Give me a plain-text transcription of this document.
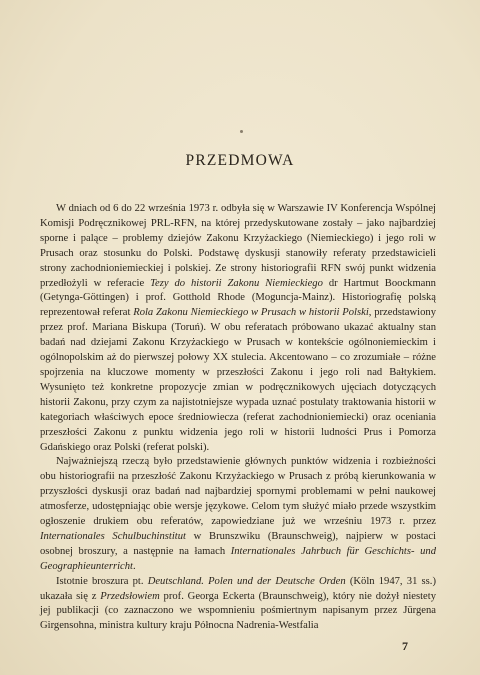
PRZEDMOWA

W dniach od 6 do 22 września 1973 r. odbyła się w Warszawie IV Konferencja Wspólnej Komisji Podręcznikowej PRL-RFN, na której przedyskutowane zostały – jako najbardziej sporne i palące – problemy dziejów Zakonu Krzyżackiego (Niemieckiego) i jego roli w Prusach oraz stosunku do Polski. Podstawę dyskusji stanowiły referaty przedstawicieli strony zachodnioniemieckiej i polskiej. Ze strony historiografii RFN swój punkt widzenia przedłożyli w referacie Tezy do historii Zakonu Niemieckiego dr Hartmut Boockmann (Getynga-Göttingen) i prof. Gotthold Rhode (Moguncja-Mainz). Historiografię polską reprezentował referat Rola Zakonu Niemieckiego w Prusach w historii Polski, przedstawiony przez prof. Mariana Biskupa (Toruń). W obu referatach próbowano ukazać aktualny stan badań nad dziejami Zakonu Krzyżackiego w Prusach w kontekście ogólnoniemieckim i ogólnopolskim aż do pierwszej połowy XX stulecia. Akcentowano – co zrozumiałe – różne spojrzenia na kluczowe momenty w przeszłości Zakonu i jego roli nad Bałtykiem. Wysunięto też konkretne propozycje zmian w podręcznikowych ujęciach dotyczących historii Zakonu, przy czym za najistotniejsze wypada uznać postulaty traktowania historii w kategoriach właściwych epoce średniowiecza (referat zachodnioniemiecki) oraz oceniania przeszłości Zakonu z punktu widzenia jego roli w historii ludności Prus i Pomorza Gdańskiego oraz Polski (referat polski).

Najważniejszą rzeczą było przedstawienie głównych punktów widzenia i rozbieżności obu historiografii na przeszłość Zakonu Krzyżackiego w Prusach z próbą kierunkowania w przyszłości dyskusji oraz badań nad najbardziej spornymi problemami w pełni naukowej atmosferze, udostępniając obie wersje językowe. Celom tym służyć miało przede wszystkim ogłoszenie drukiem obu referatów, zapowiedziane już we wrześniu 1973 r. przez Internationales Schulbuchinstitut w Brunszwiku (Braunschweig), najpierw w postaci osobnej broszury, a następnie na łamach Internationales Jahrbuch für Geschichts- und Geographieunterricht.

Istotnie broszura pt. Deutschland. Polen und der Deutsche Orden (Köln 1947, 31 ss.) ukazała się z Przedsłowiem prof. Georga Eckerta (Braunschweig), który nie dożył niestety jej publikacji (co zaznaczono we wspomnieniu pośmiertnym napisanym przez Jürgena Girgensohna, ministra kultury kraju Północna Nadrenia-Westfalia

7
